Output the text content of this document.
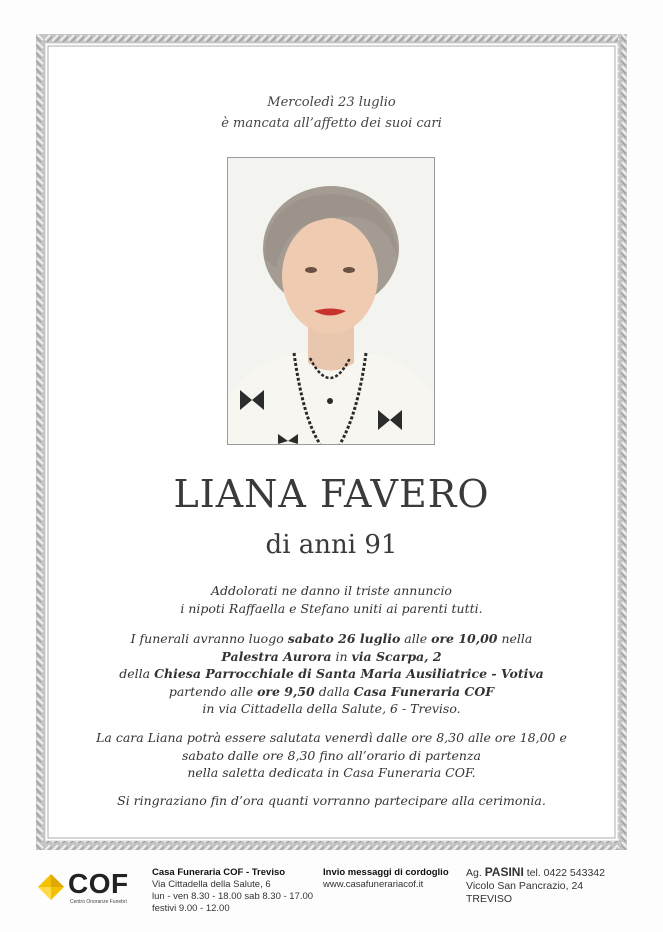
Mercoledì 23 luglio
è mancata all’affetto dei suoi cari
LIANA FAVERO
di anni 91
Addolorati ne danno il triste annuncio
i nipoti Raffaella e Stefano uniti ai parenti tutti.
I funerali avranno luogo sabato 26 luglio alle ore 10,00 nella
Palestra Aurora in via Scarpa, 2
della Chiesa Parrocchiale di Santa Maria Ausiliatrice - Votiva
partendo alle ore 9,50 dalla Casa Funeraria COF
in via Cittadella della Salute, 6 - Treviso.
La cara Liana potrà essere salutata venerdì dalle ore 8,30 alle ore 18,00 e
sabato dalle ore 8,30 fino all’orario di partenza
nella saletta dedicata in Casa Funeraria COF.
Si ringraziano fin d’ora quanti vorranno partecipare alla cerimonia.
COF
Centro Onoranze Funebri
Casa Funeraria COF - Treviso
Via Cittadella della Salute, 6
lun - ven 8.30 - 18.00 sab 8.30 - 17.00
festivi 9.00 - 12.00
Invio messaggi di cordoglio
www.casafunerariacof.it
Ag. PASINI tel. 0422 543342
Vicolo San Pancrazio, 24
TREVISO
